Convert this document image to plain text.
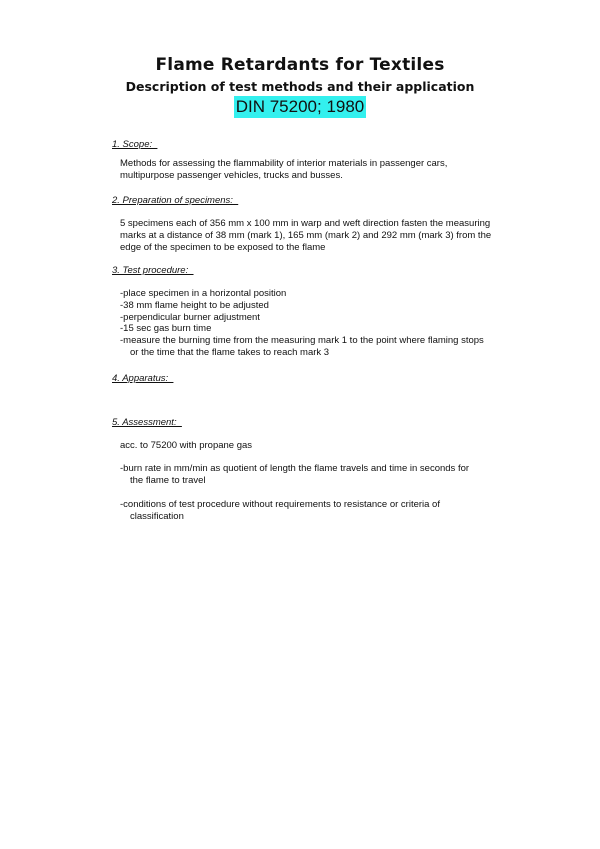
Flame Retardants for Textiles
Description of test methods and their application
DIN 75200; 1980
1. Scope:
Methods for assessing the flammability of interior materials in passenger cars,
multipurpose passenger vehicles, trucks and busses.
2. Preparation of specimens:
5 specimens each of 356 mm x 100 mm in warp and weft direction fasten the measuring
marks at a distance of 38 mm (mark 1), 165 mm (mark 2) and 292 mm (mark 3) from the
edge of the specimen to be exposed to the flame
3. Test procedure:
-place specimen in a horizontal position
-38 mm flame height to be adjusted
-perpendicular burner adjustment
-15 sec gas burn time
-measure the burning time from the measuring mark 1 to the point where flaming stops
or the time that the flame takes to reach mark 3
4. Apparatus:
5. Assessment:
acc. to 75200 with propane gas
-burn rate in mm/min as quotient of length the flame travels and time in seconds for
the flame to travel
-conditions of test procedure without requirements to resistance or criteria of
classification
